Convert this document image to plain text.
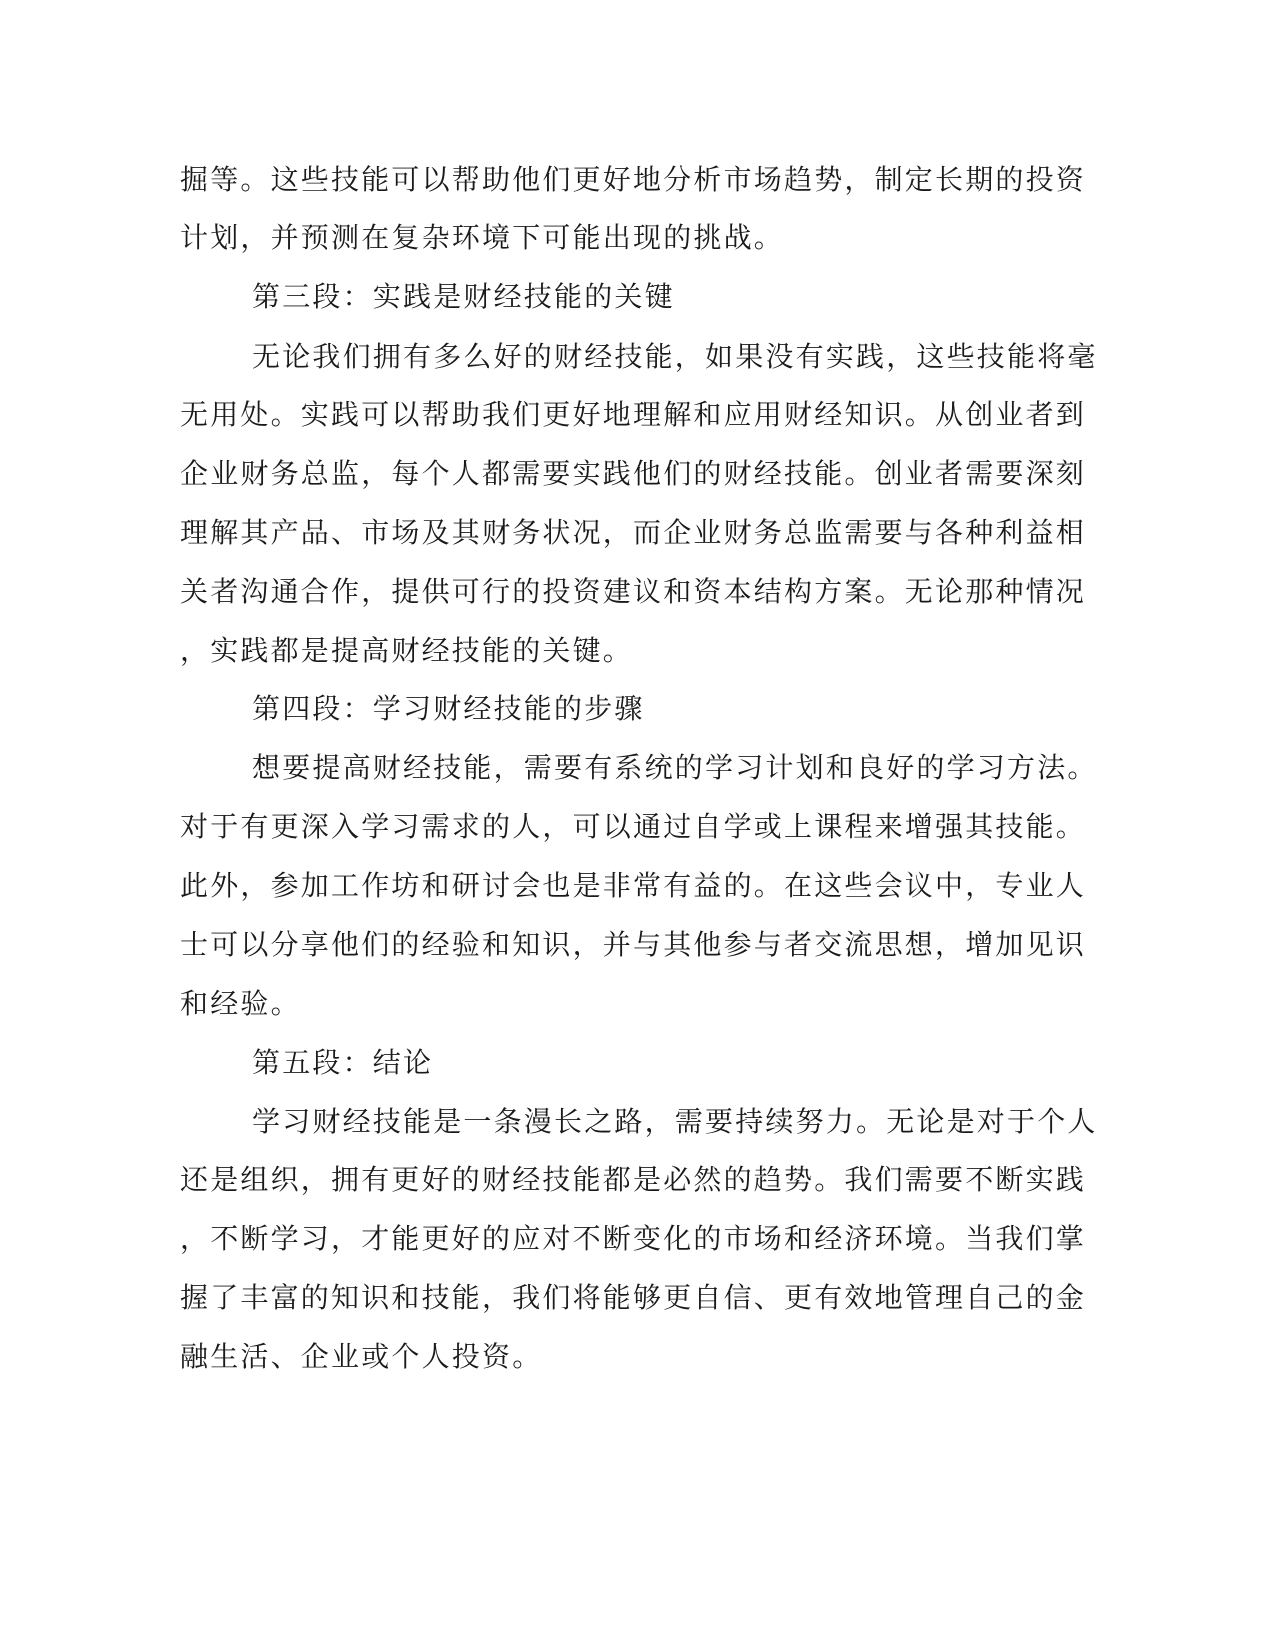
掘等。这些技能可以帮助他们更好地分析市场趋势，制定长期的投资
计划，并预测在复杂环境下可能出现的挑战。
第三段：实践是财经技能的关键
无论我们拥有多么好的财经技能，如果没有实践，这些技能将毫
无用处。实践可以帮助我们更好地理解和应用财经知识。从创业者到
企业财务总监，每个人都需要实践他们的财经技能。创业者需要深刻
理解其产品、市场及其财务状况，而企业财务总监需要与各种利益相
关者沟通合作，提供可行的投资建议和资本结构方案。无论那种情况
，实践都是提高财经技能的关键。
第四段：学习财经技能的步骤
想要提高财经技能，需要有系统的学习计划和良好的学习方法。
对于有更深入学习需求的人，可以通过自学或上课程来增强其技能。
此外，参加工作坊和研讨会也是非常有益的。在这些会议中，专业人
士可以分享他们的经验和知识，并与其他参与者交流思想，增加见识
和经验。
第五段：结论
学习财经技能是一条漫长之路，需要持续努力。无论是对于个人
还是组织，拥有更好的财经技能都是必然的趋势。我们需要不断实践
，不断学习，才能更好的应对不断变化的市场和经济环境。当我们掌
握了丰富的知识和技能，我们将能够更自信、更有效地管理自己的金
融生活、企业或个人投资。
